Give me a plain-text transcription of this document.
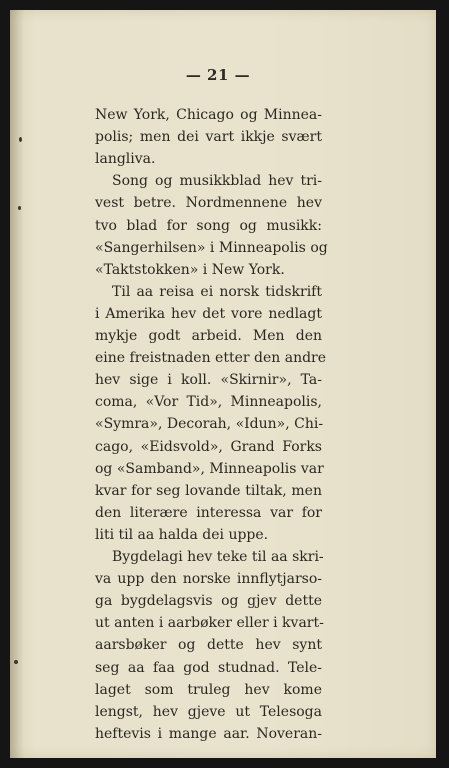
— 21 —
New York, Chicago og Minnea-
polis; men dei vart ikkje svært
langliva.
Song og musikkblad hev tri-
vest betre. Nordmennene hev
tvo blad for song og musikk:
«Sangerhilsen» i Minneapolis og
«Taktstokken» i New York.
Til aa reisa ei norsk tidskrift
i Amerika hev det vore nedlagt
mykje godt arbeid. Men den
eine freistnaden etter den andre
hev sige i koll. «Skirnir», Ta-
coma, «Vor Tid», Minneapolis,
«Symra», Decorah, «Idun», Chi-
cago, «Eidsvold», Grand Forks
og «Samband», Minneapolis var
kvar for seg lovande tiltak, men
den literære interessa var for
liti til aa halda dei uppe.
Bygdelagi hev teke til aa skri-
va upp den norske innflytjarso-
ga bygdelagsvis og gjev dette
ut anten i aarbøker eller i kvart-
aarsbøker og dette hev synt
seg aa faa god studnad. Tele-
laget som truleg hev kome
lengst, hev gjeve ut Telesoga
heftevis i mange aar. Noveran-
